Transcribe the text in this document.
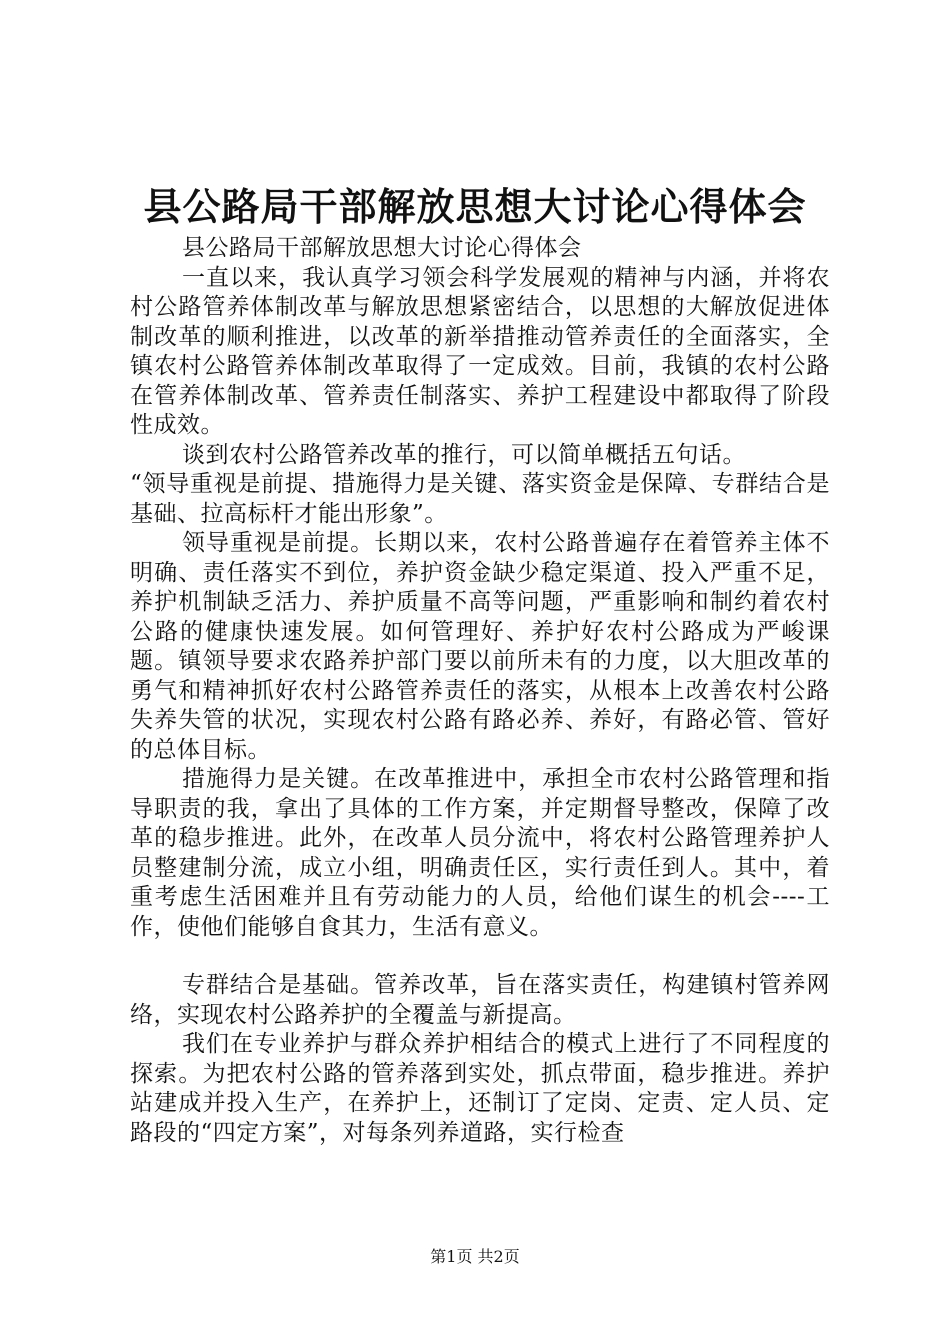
县公路局干部解放思想大讨论心得体会

县公路局干部解放思想大讨论心得体会

一直以来，我认真学习领会科学发展观的精神与内涵，并将农村公路管养体制改革与解放思想紧密结合，以思想的大解放促进体制改革的顺利推进，以改革的新举措推动管养责任的全面落实，全镇农村公路管养体制改革取得了一定成效。目前，我镇的农村公路在管养体制改革、管养责任制落实、养护工程建设中都取得了阶段性成效。

谈到农村公路管养改革的推行，可以简单概括五句话。

“领导重视是前提、措施得力是关键、落实资金是保障、专群结合是基础、拉高标杆才能出形象”。

领导重视是前提。长期以来，农村公路普遍存在着管养主体不明确、责任落实不到位，养护资金缺少稳定渠道、投入严重不足，养护机制缺乏活力、养护质量不高等问题，严重影响和制约着农村公路的健康快速发展。如何管理好、养护好农村公路成为严峻课题。镇领导要求农路养护部门要以前所未有的力度，以大胆改革的勇气和精神抓好农村公路管养责任的落实，从根本上改善农村公路失养失管的状况，实现农村公路有路必养、养好，有路必管、管好的总体目标。

措施得力是关键。在改革推进中，承担全市农村公路管理和指导职责的我，拿出了具体的工作方案，并定期督导整改，保障了改革的稳步推进。此外，在改革人员分流中，将农村公路管理养护人员整建制分流，成立小组，明确责任区，实行责任到人。其中，着重考虑生活困难并且有劳动能力的人员，给他们谋生的机会----工作，使他们能够自食其力，生活有意义。

专群结合是基础。管养改革，旨在落实责任，构建镇村管养网络，实现农村公路养护的全覆盖与新提高。

我们在专业养护与群众养护相结合的模式上进行了不同程度的探索。为把农村公路的管养落到实处，抓点带面，稳步推进。养护站建成并投入生产，在养护上，还制订了定岗、定责、定人员、定路段的“四定方案”，对每条列养道路，实行检查

第1页 共2页
